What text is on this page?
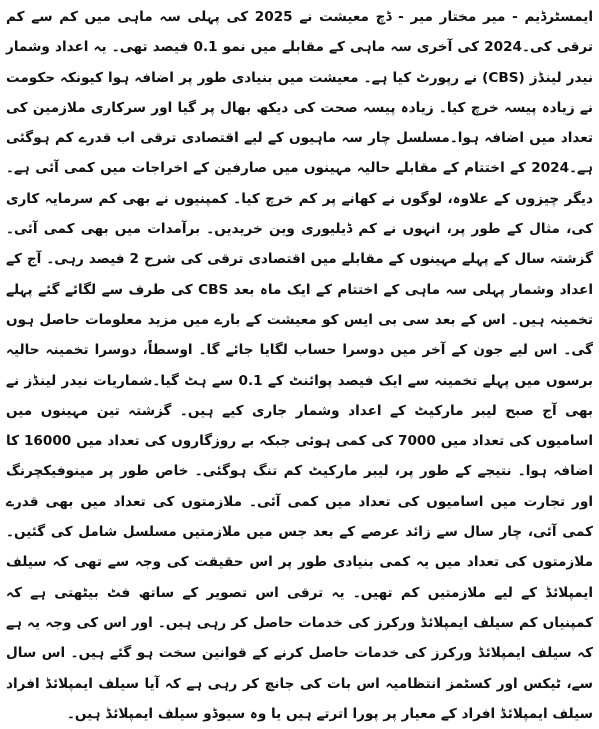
ایمسٹرڈیم - میر مختار میر - ڈچ معیشت نے 2025 کی پہلی سہ ماہی میں کم سے کم ترقی کی۔2024 کی آخری سہ ماہی کے مقابلے میں نمو 0.1 فیصد تھی۔ یہ اعداد وشمار نیدر لینڈز (CBS) نے رپورٹ کیا ہے۔ معیشت میں بنیادی طور پر اضافہ ہوا کیونکہ حکومت نے زیادہ پیسہ خرچ کیا۔ زیادہ پیسہ صحت کی دیکھ بھال پر گیا اور سرکاری ملازمین کی تعداد میں اضافہ ہوا۔مسلسل چار سہ ماہیوں کے لیے اقتصادی ترقی اب قدرے کم ہوگئی ہے۔2024 کے اختتام کے مقابلے حالیہ مہینوں میں صارفین کے اخراجات میں کمی آئی ہے۔ دیگر چیزوں کے علاوہ، لوگوں نے کھانے پر کم خرچ کیا۔ کمپنیوں نے بھی کم سرمایہ کاری کی، مثال کے طور پر، انہوں نے کم ڈیلیوری وین خریدیں۔ برآمدات میں بھی کمی آئی۔گزشتہ سال کے پہلے مہینوں کے مقابلے میں اقتصادی ترقی کی شرح 2 فیصد رہی۔ آج کے اعداد وشمار پہلی سہ ماہی کے اختتام کے ایک ماہ بعد CBS کی طرف سے لگائے گئے پہلے تخمینہ ہیں۔ اس کے بعد سی بی ایس کو معیشت کے بارے میں مزید معلومات حاصل ہوں گی۔ اس لیے جون کے آخر میں دوسرا حساب لگایا جائے گا۔ اوسطاً، دوسرا تخمینہ حالیہ برسوں میں پہلے تخمینہ سے ایک فیصد پوائنٹ کے 0.1 سے ہٹ گیا۔شماریات نیدر لینڈز نے بھی آج صبح لیبر مارکیٹ کے اعداد وشمار جاری کیے ہیں۔ گزشتہ تین مہینوں میں اسامیوں کی تعداد میں 7000 کی کمی ہوئی جبکہ بے روزگاروں کی تعداد میں 16000 کا اضافہ ہوا۔ نتیجے کے طور پر، لیبر مارکیٹ کم تنگ ہوگئی۔ خاص طور پر مینوفیکچرنگ اور تجارت میں اسامیوں کی تعداد میں کمی آئی۔ ملازمتوں کی تعداد میں بھی قدرے کمی آئی، چار سال سے زائد عرصے کے بعد جس میں ملازمتیں مسلسل شامل کی گئیں۔ ملازمتوں کی تعداد میں یہ کمی بنیادی طور پر اس حقیقت کی وجہ سے تھی کہ سیلف ایمپلائڈ کے لیے ملازمتیں کم تھیں۔ یہ ترقی اس تصویر کے ساتھ فٹ بیٹھتی ہے کہ کمپنیاں کم سیلف ایمپلائڈ ورکرز کی خدمات حاصل کر رہی ہیں۔ اور اس کی وجہ یہ ہے کہ سیلف ایمپلائڈ ورکرز کی خدمات حاصل کرنے کے قوانین سخت ہو گئے ہیں۔ اس سال سے، ٹیکس اور کسٹمز انتظامیہ اس بات کی جانچ کر رہی ہے کہ آیا سیلف ایمپلائڈ افراد سیلف ایمپلائڈ افراد کے معیار پر پورا اترتے ہیں یا وہ سیوڈو سیلف ایمپلائڈ ہیں۔
